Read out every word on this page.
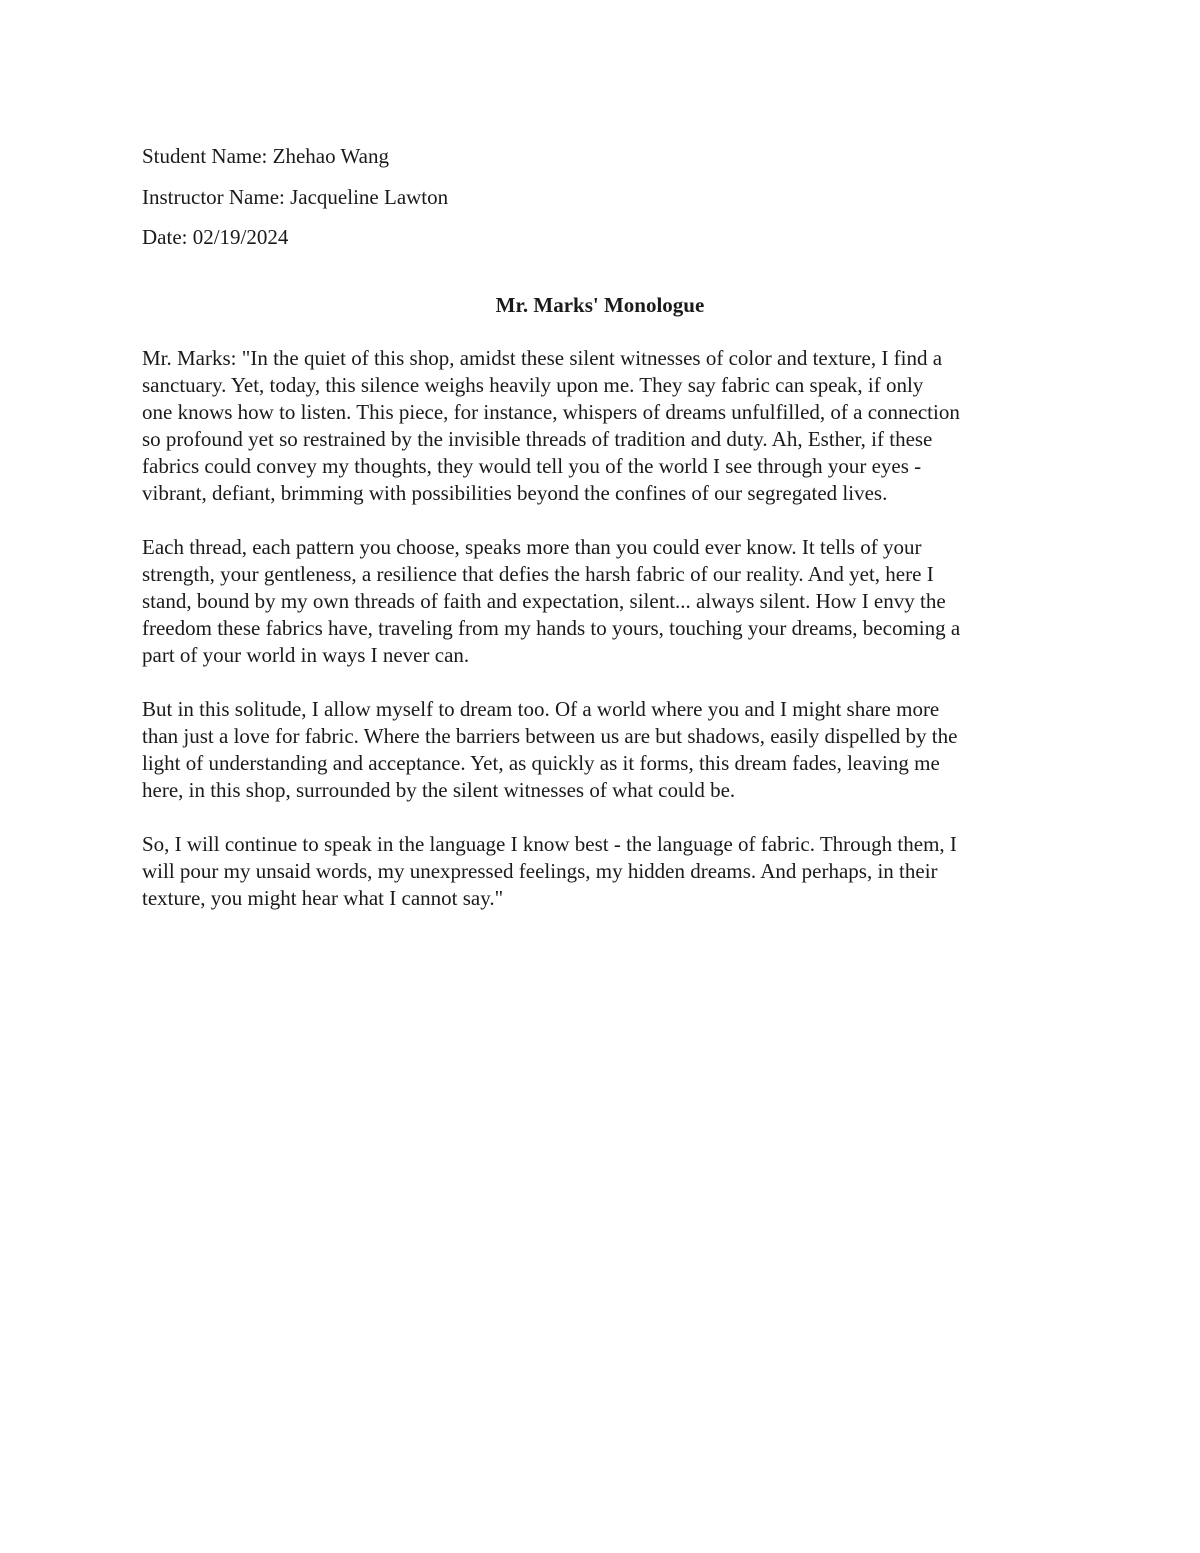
Student Name: Zhehao Wang
Instructor Name: Jacqueline Lawton
Date: 02/19/2024
Mr. Marks' Monologue

Mr. Marks: "In the quiet of this shop, amidst these silent witnesses of color and texture, I find a
sanctuary. Yet, today, this silence weighs heavily upon me. They say fabric can speak, if only
one knows how to listen. This piece, for instance, whispers of dreams unfulfilled, of a connection
so profound yet so restrained by the invisible threads of tradition and duty. Ah, Esther, if these
fabrics could convey my thoughts, they would tell you of the world I see through your eyes -
vibrant, defiant, brimming with possibilities beyond the confines of our segregated lives.

Each thread, each pattern you choose, speaks more than you could ever know. It tells of your
strength, your gentleness, a resilience that defies the harsh fabric of our reality. And yet, here I
stand, bound by my own threads of faith and expectation, silent... always silent. How I envy the
freedom these fabrics have, traveling from my hands to yours, touching your dreams, becoming a
part of your world in ways I never can.

But in this solitude, I allow myself to dream too. Of a world where you and I might share more
than just a love for fabric. Where the barriers between us are but shadows, easily dispelled by the
light of understanding and acceptance. Yet, as quickly as it forms, this dream fades, leaving me
here, in this shop, surrounded by the silent witnesses of what could be.

So, I will continue to speak in the language I know best - the language of fabric. Through them, I
will pour my unsaid words, my unexpressed feelings, my hidden dreams. And perhaps, in their
texture, you might hear what I cannot say."
